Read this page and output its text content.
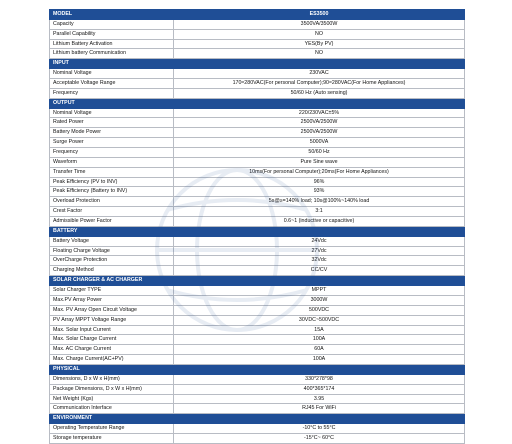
MODEL	ES3500
Capacity	3500VA/3500W
Parallel Capability	NO
Lithium Battery Activation	YES(By PV)
Lithium battery Communication	NO
INPUT	
Nominal Voltage	230VAC
Acceptable Voltage Range	170≈280VAC(For personal Computer);90≈280VAC(For Home Appliances)
Frequency	50/60 Hz (Auto sensing)
OUTPUT	
Nominal Voltage	220/230VAC±5%
Rated Power	2500VA/2500W
Battery Mode Power	2500VA/2500W
Surge Power	5000VA
Frequency	50/60 Hz
Waveform	Pure Sine wave
Transfer Time	10ms(For personal Computer);20ms(For Home Appliances)
Peak Efficiency (PV to INV)	96%
Peak Efficiency (Battery to INV)	93%
Overload Protection	5s@≥=140% load; 10s@100%~140% load
Crest Factor	3:1
Admissible Power Factor	0.6~1 (inductive or capacitive)
BATTERY	
Battery Voltage	24Vdc
Floating Charge Voltage	27Vdc
OverCharge Protection	32Vdc
Charging Method	CC/CV
SOLAR CHARGER & AC CHARGER	
Solar Charger TYPE	MPPT
Max.PV Array Power	3000W
Max. PV Array Open Circuit Voltage	500VDC
PV Array MPPT Voltage Range	30VDC~500VDC
Max. Solar Input Current	15A
Max. Solar Charge Current	100A
Max. AC Charge Current	60A
Max. Charge Current(AC+PV)	100A
PHYSICAL	
Dimensions, D x W x H(mm)	330*278*98
Package Dimensions, D x W x H(mm)	400*365*174
Net Weight (Kgs)	3.95
Communication Interface	RJ45 For WiFi
ENVIRONMENT	
Operating Temperature Range	-10°C to 55°C
Storage temperature	-15°C~ 60°C
